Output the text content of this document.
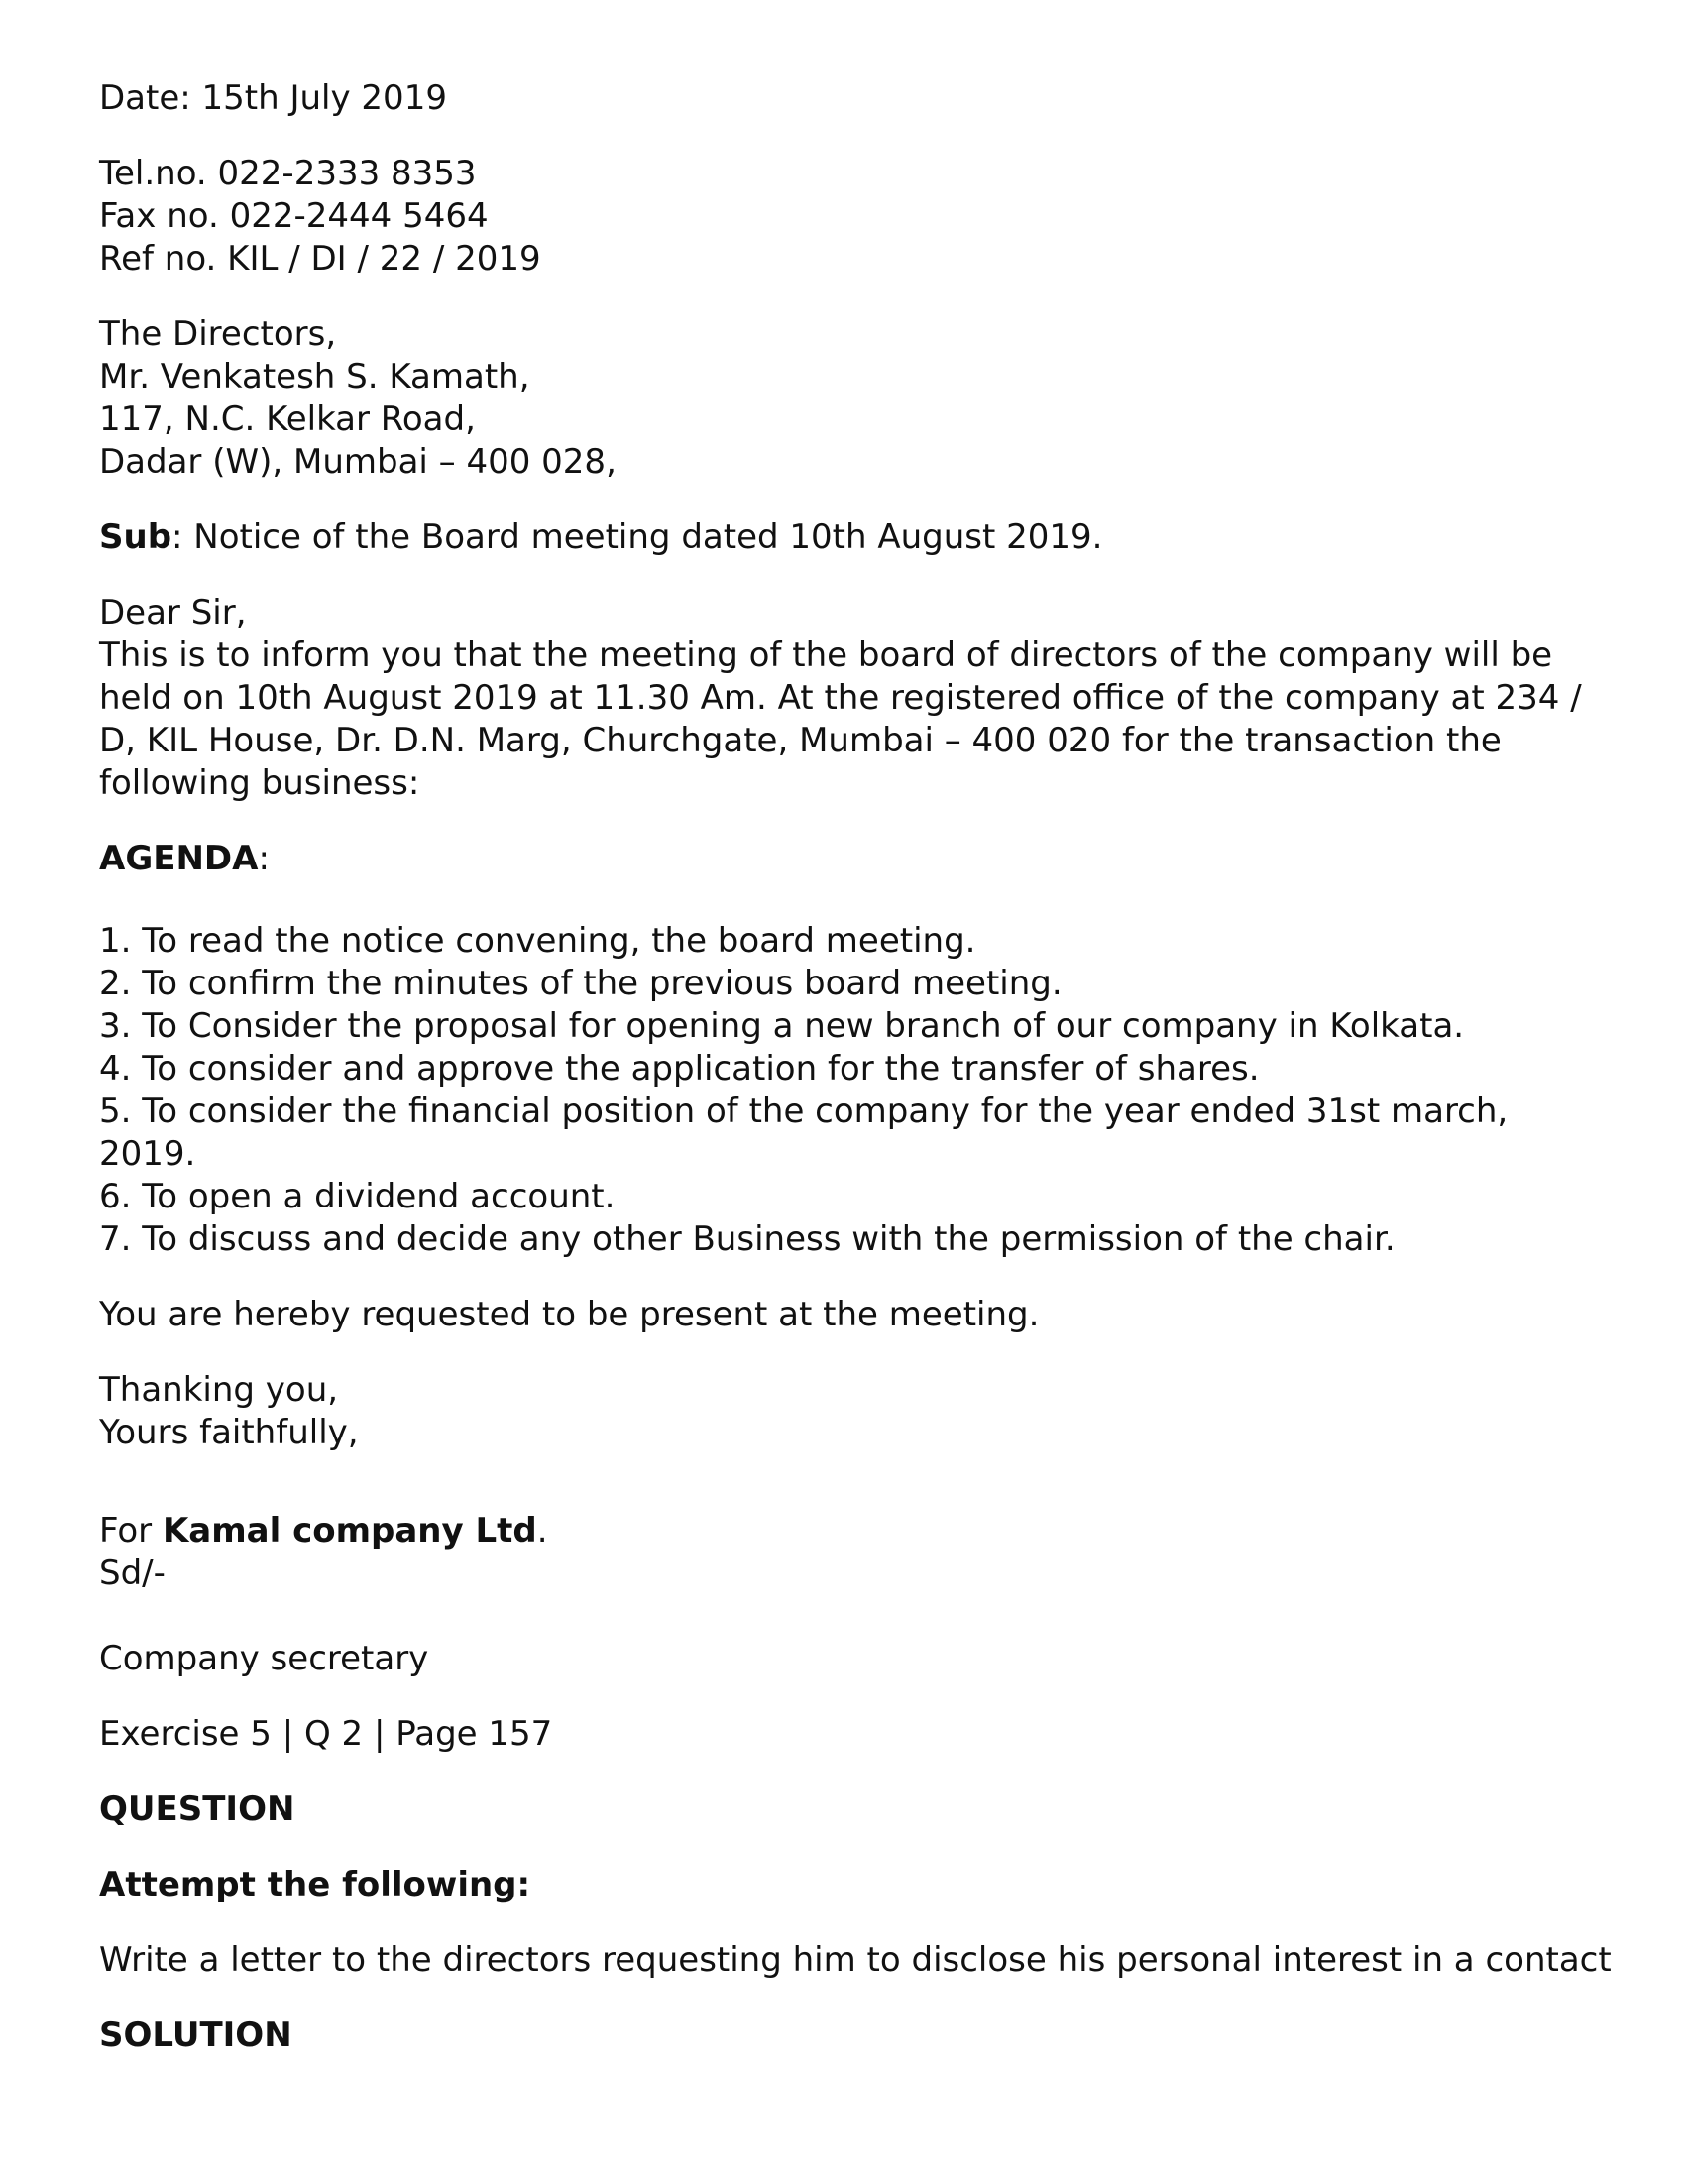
Date: 15th July 2019
Tel.no. 022-2333 8353
Fax no. 022-2444 5464
Ref no. KIL / DI / 22 / 2019
The Directors,
Mr. Venkatesh S. Kamath,
117, N.C. Kelkar Road,
Dadar (W), Mumbai – 400 028,
Sub: Notice of the Board meeting dated 10th August 2019.
Dear Sir,
This is to inform you that the meeting of the board of directors of the company will be
held on 10th August 2019 at 11.30 Am. At the registered office of the company at 234 /
D, KIL House, Dr. D.N. Marg, Churchgate, Mumbai – 400 020 for the transaction the
following business:
AGENDA:
1. To read the notice convening, the board meeting.
2. To confirm the minutes of the previous board meeting.
3. To Consider the proposal for opening a new branch of our company in Kolkata.
4. To consider and approve the application for the transfer of shares.
5. To consider the financial position of the company for the year ended 31st march,
2019.
6. To open a dividend account.
7. To discuss and decide any other Business with the permission of the chair.
You are hereby requested to be present at the meeting.
Thanking you,
Yours faithfully,
For Kamal company Ltd.
Sd/-
Company secretary
Exercise 5 | Q 2 | Page 157
QUESTION
Attempt the following:
Write a letter to the directors requesting him to disclose his personal interest in a contact
SOLUTION
